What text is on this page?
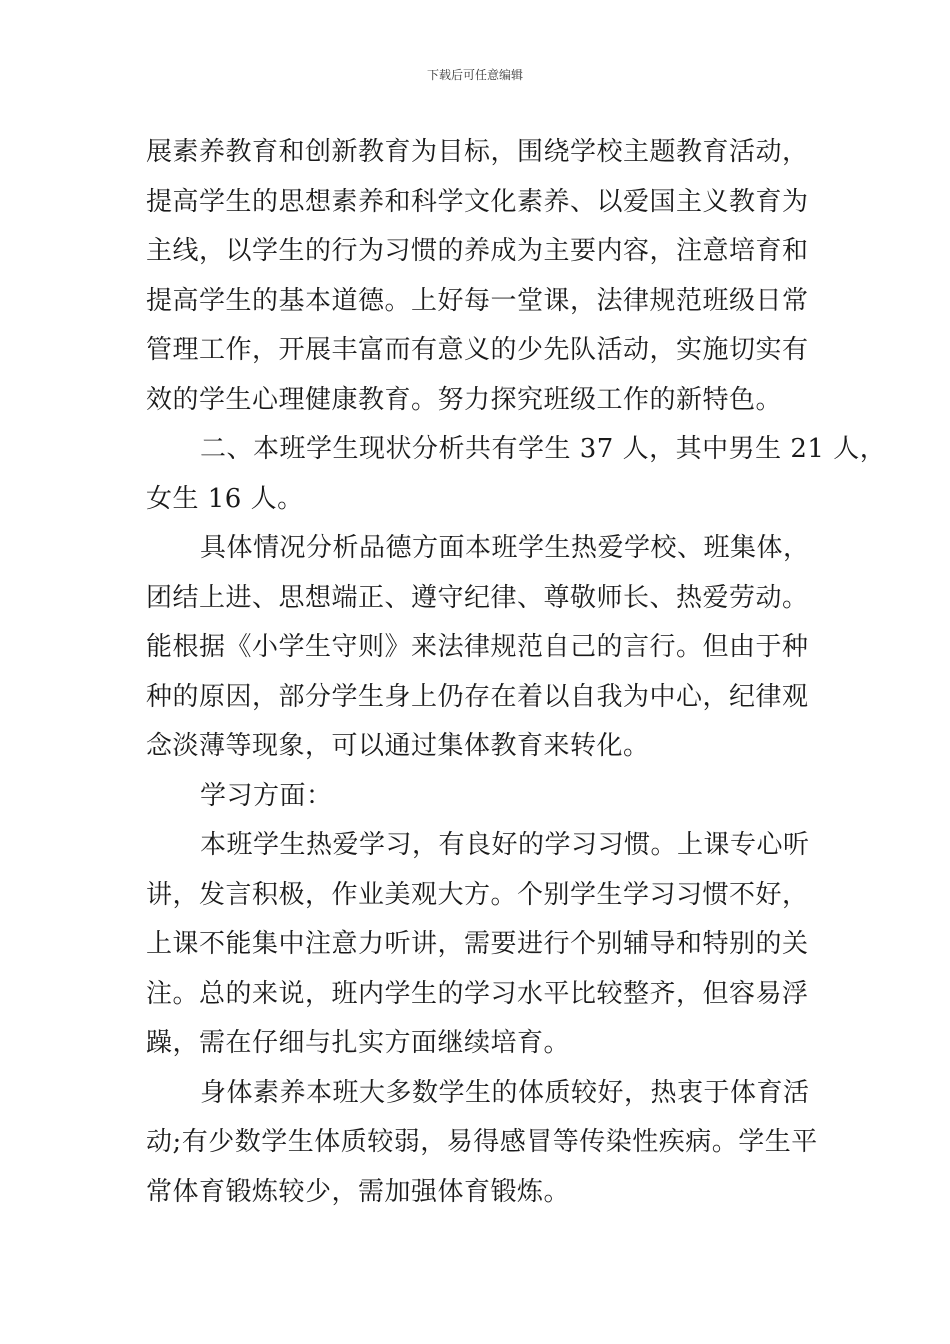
下载后可任意编辑
展素养教育和创新教育为目标，围绕学校主题教育活动，
提高学生的思想素养和科学文化素养、以爱国主义教育为
主线，以学生的行为习惯的养成为主要内容，注意培育和
提高学生的基本道德。上好每一堂课，法律规范班级日常
管理工作，开展丰富而有意义的少先队活动，实施切实有
效的学生心理健康教育。努力探究班级工作的新特色。
二、本班学生现状分析共有学生 37 人，其中男生 21 人，
女生 16 人。
具体情况分析品德方面本班学生热爱学校、班集体，
团结上进、思想端正、遵守纪律、尊敬师长、热爱劳动。
能根据《小学生守则》来法律规范自己的言行。但由于种
种的原因，部分学生身上仍存在着以自我为中心，纪律观
念淡薄等现象，可以通过集体教育来转化。
学习方面：
本班学生热爱学习，有良好的学习习惯。上课专心听
讲，发言积极，作业美观大方。个别学生学习习惯不好，
上课不能集中注意力听讲，需要进行个别辅导和特别的关
注。总的来说，班内学生的学习水平比较整齐，但容易浮
躁，需在仔细与扎实方面继续培育。
身体素养本班大多数学生的体质较好，热衷于体育活
动;有少数学生体质较弱，易得感冒等传染性疾病。学生平
常体育锻炼较少，需加强体育锻炼。
